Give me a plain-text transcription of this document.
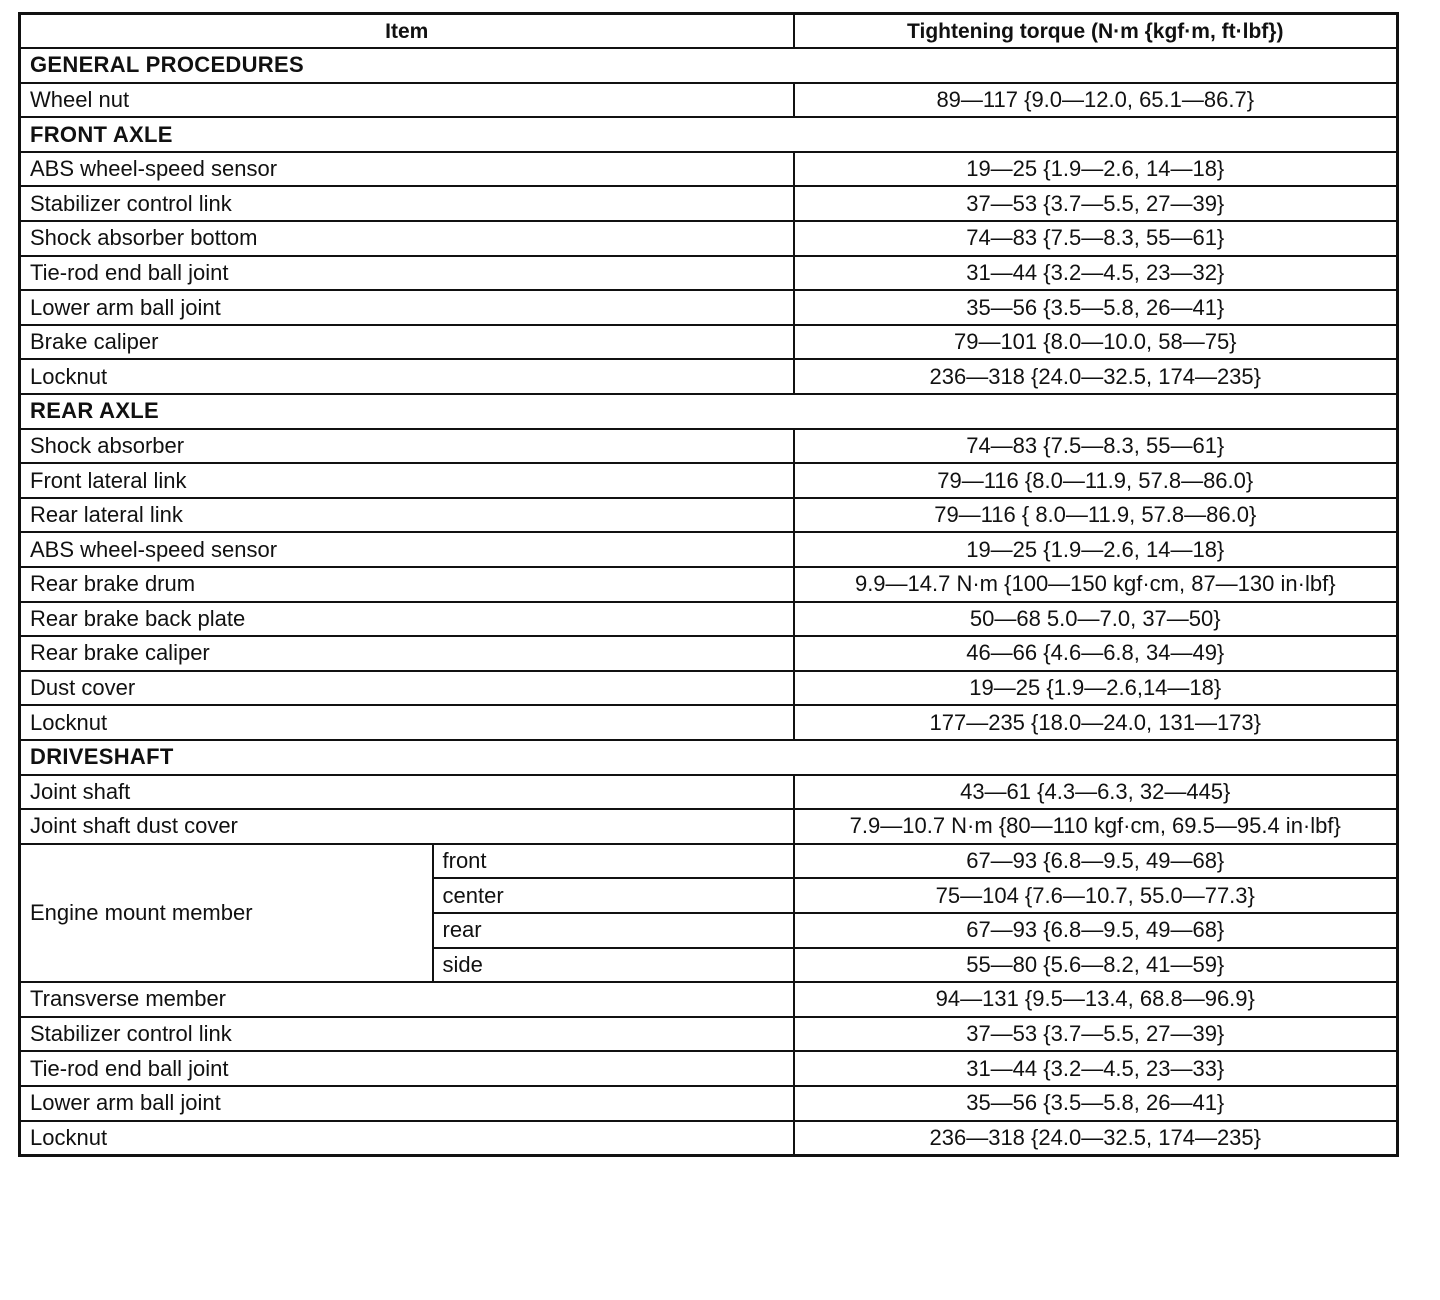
Item		Tightening torque (N·m {kgf·m, ft·lbf})
GENERAL PROCEDURES		
Wheel nut		89—117 {9.0—12.0, 65.1—86.7}
FRONT AXLE		
ABS wheel-speed sensor		19—25 {1.9—2.6, 14—18}
Stabilizer control link		37—53 {3.7—5.5, 27—39}
Shock absorber bottom		74—83 {7.5—8.3, 55—61}
Tie-rod end ball joint		31—44 {3.2—4.5, 23—32}
Lower arm ball joint		35—56 {3.5—5.8, 26—41}
Brake caliper		79—101 {8.0—10.0, 58—75}
Locknut		236—318 {24.0—32.5, 174—235}
REAR AXLE		
Shock absorber		74—83 {7.5—8.3, 55—61}
Front lateral link		79—116 {8.0—11.9, 57.8—86.0}
Rear lateral link		79—116 { 8.0—11.9, 57.8—86.0}
ABS wheel-speed sensor		19—25 {1.9—2.6, 14—18}
Rear brake drum		9.9—14.7 N·m {100—150 kgf·cm, 87—130 in·lbf}
Rear brake back plate		50—68 5.0—7.0, 37—50}
Rear brake caliper		46—66 {4.6—6.8, 34—49}
Dust cover		19—25 {1.9—2.6,14—18}
Locknut		177—235 {18.0—24.0, 131—173}
DRIVESHAFT		
Joint shaft		43—61 {4.3—6.3, 32—445}
Joint shaft dust cover		7.9—10.7 N·m {80—110 kgf·cm, 69.5—95.4 in·lbf}
Engine mount member	front	67—93 {6.8—9.5, 49—68}
	center	75—104 {7.6—10.7, 55.0—77.3}
	rear	67—93 {6.8—9.5, 49—68}
	side	55—80 {5.6—8.2, 41—59}
Transverse member		94—131 {9.5—13.4, 68.8—96.9}
Stabilizer control link		37—53 {3.7—5.5, 27—39}
Tie-rod end ball joint		31—44 {3.2—4.5, 23—33}
Lower arm ball joint		35—56 {3.5—5.8, 26—41}
Locknut		236—318 {24.0—32.5, 174—235}
